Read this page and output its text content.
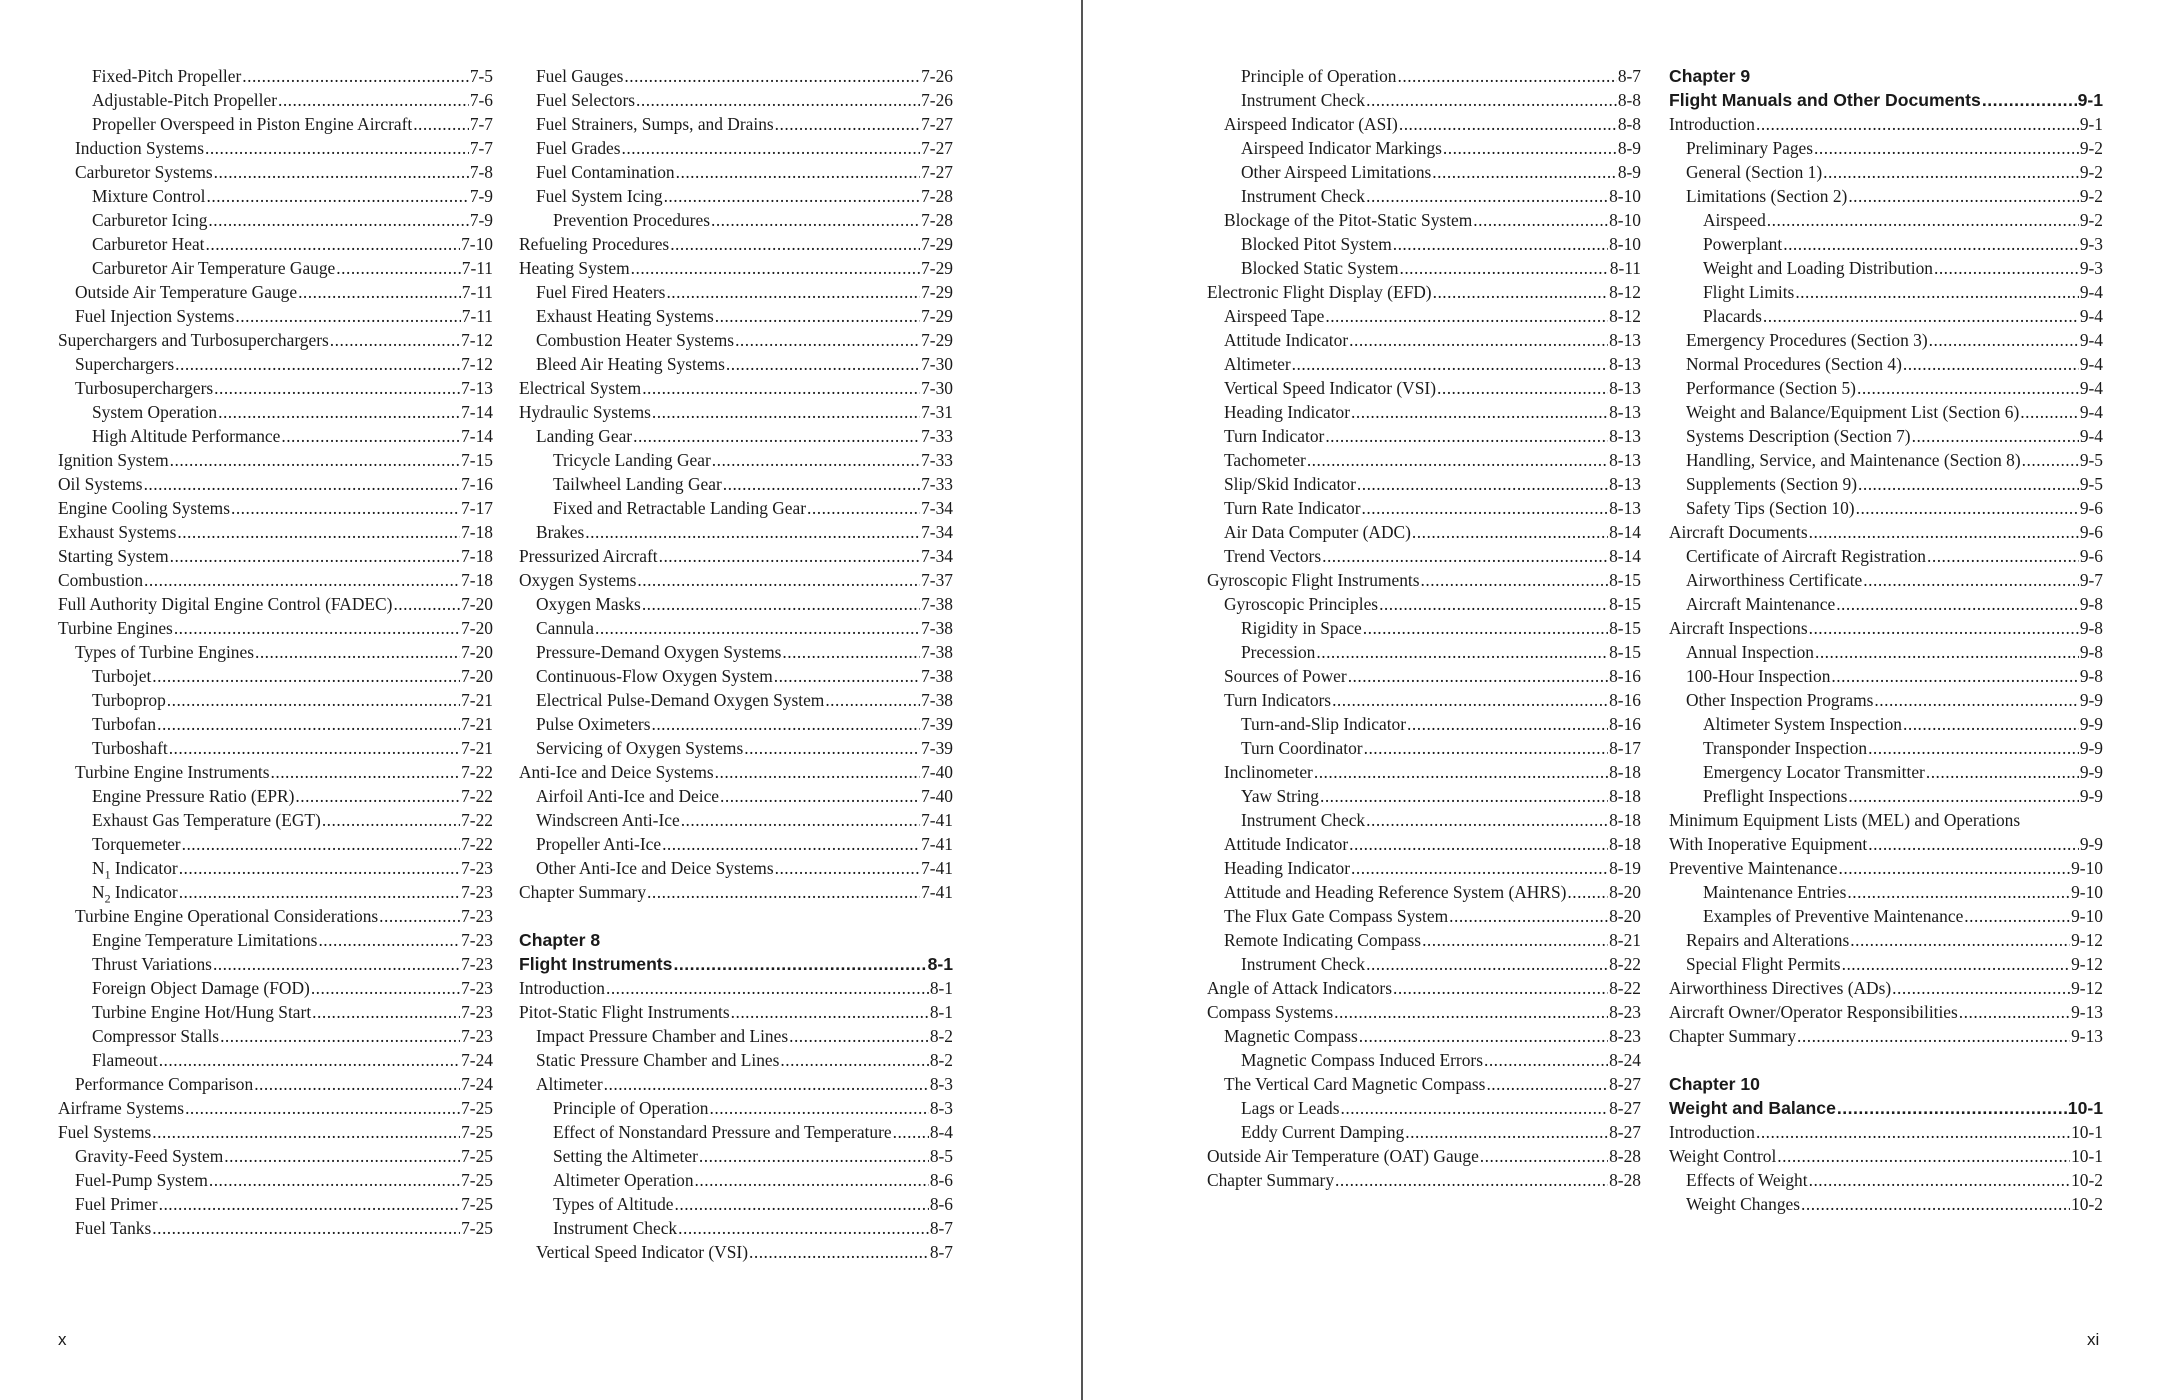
Fixed-Pitch Propeller .....	7-5
Adjustable-Pitch Propeller .....	7-6
Propeller Overspeed in Piston Engine Aircraft .....	7-7
Induction Systems .....	7-7
Carburetor Systems .....	7-8
Mixture Control .....	7-9
Carburetor Icing .....	7-9
Carburetor Heat .....	7-10
Carburetor Air Temperature Gauge .....	7-11
Outside Air Temperature Gauge .....	7-11
Fuel Injection Systems .....	7-11
Superchargers and Turbosuperchargers .....	7-12
Superchargers .....	7-12
Turbosuperchargers .....	7-13
System Operation .....	7-14
High Altitude Performance .....	7-14
Ignition System .....	7-15
Oil Systems .....	7-16
Engine Cooling Systems .....	7-17
Exhaust Systems .....	7-18
Starting System .....	7-18
Combustion .....	7-18
Full Authority Digital Engine Control (FADEC) .....	7-20
Turbine Engines .....	7-20
Types of Turbine Engines .....	7-20
Turbojet .....	7-20
Turboprop .....	7-21
Turbofan .....	7-21
Turboshaft .....	7-21
Turbine Engine Instruments .....	7-22
Engine Pressure Ratio (EPR) .....	7-22
Exhaust Gas Temperature (EGT) .....	7-22
Torquemeter .....	7-22
$N_1$ Indicator .....	7-23
$N_2$ Indicator .....	7-23
Turbine Engine Operational Considerations .....	7-23
Engine Temperature Limitations .....	7-23
Thrust Variations .....	7-23
Foreign Object Damage (FOD) .....	7-23
Turbine Engine Hot/Hung Start .....	7-23
Compressor Stalls .....	7-23
Flameout .....	7-24
Performance Comparison .....	7-24
Airframe Systems .....	7-25
Fuel Systems .....	7-25
Gravity-Feed System .....	7-25
Fuel-Pump System .....	7-25
Fuel Primer .....	7-25
Fuel Tanks .....	7-25
Fuel Gauges .....	7-26
Fuel Selectors .....	7-26
Fuel Strainers, Sumps, and Drains .....	7-27
Fuel Grades .....	7-27
Fuel Contamination .....	7-27
Fuel System Icing .....	7-28
Prevention Procedures .....	7-28
Refueling Procedures .....	7-29
Heating System .....	7-29
Fuel Fired Heaters .....	7-29
Exhaust Heating Systems .....	7-29
Combustion Heater Systems .....	7-29
Bleed Air Heating Systems .....	7-30
Electrical System .....	7-30
Hydraulic Systems .....	7-31
Landing Gear .....	7-33
Tricycle Landing Gear .....	7-33
Tailwheel Landing Gear .....	7-33
Fixed and Retractable Landing Gear .....	7-34
Brakes .....	7-34
Pressurized Aircraft .....	7-34
Oxygen Systems .....	7-37
Oxygen Masks .....	7-38
Cannula .....	7-38
Pressure-Demand Oxygen Systems .....	7-38
Continuous-Flow Oxygen System .....	7-38
Electrical Pulse-Demand Oxygen System .....	7-38
Pulse Oximeters .....	7-39
Servicing of Oxygen Systems .....	7-39
Anti-Ice and Deice Systems .....	7-40
Airfoil Anti-Ice and Deice .....	7-40
Windscreen Anti-Ice .....	7-41
Propeller Anti-Ice .....	7-41
Other Anti-Ice and Deice Systems .....	7-41
Chapter Summary .....	7-41
Chapter 8
Flight Instruments .....	8-1
Introduction .....	8-1
Pitot-Static Flight Instruments .....	8-1
Impact Pressure Chamber and Lines .....	8-2
Static Pressure Chamber and Lines .....	8-2
Altimeter .....	8-3
Principle of Operation .....	8-3
Effect of Nonstandard Pressure and Temperature ..... 8-4
Setting the Altimeter .....	8-5
Altimeter Operation .....	8-6
Types of Altitude .....	8-6
Instrument Check .....	8-7
Vertical Speed Indicator (VSI) .....	8-7
x
Principle of Operation .....	8-7
Instrument Check .....	8-8
Airspeed Indicator (ASI) .....	8-8
Airspeed Indicator Markings .....	8-9
Other Airspeed Limitations .....	8-9
Instrument Check .....	8-10
Blockage of the Pitot-Static System .....	8-10
Blocked Pitot System .....	8-10
Blocked Static System .....	8-11
Electronic Flight Display (EFD) .....	8-12
Airspeed Tape .....	8-12
Attitude Indicator .....	8-13
Altimeter .....	8-13
Vertical Speed Indicator (VSI) .....	8-13
Heading Indicator .....	8-13
Turn Indicator .....	8-13
Tachometer .....	8-13
Slip/Skid Indicator .....	8-13
Turn Rate Indicator .....	8-13
Air Data Computer (ADC) .....	8-14
Trend Vectors .....	8-14
Gyroscopic Flight Instruments .....	8-15
Gyroscopic Principles .....	8-15
Rigidity in Space .....	8-15
Precession .....	8-15
Sources of Power .....	8-16
Turn Indicators .....	8-16
Turn-and-Slip Indicator .....	8-16
Turn Coordinator .....	8-17
Inclinometer .....	8-18
Yaw String .....	8-18
Instrument Check .....	8-18
Attitude Indicator .....	8-18
Heading Indicator .....	8-19
Attitude and Heading Reference System (AHRS) ..... 8-20
The Flux Gate Compass System .....	8-20
Remote Indicating Compass .....	8-21
Instrument Check .....	8-22
Angle of Attack Indicators .....	8-22
Compass Systems .....	8-23
Magnetic Compass .....	8-23
Magnetic Compass Induced Errors .....	8-24
The Vertical Card Magnetic Compass .....	8-27
Lags or Leads .....	8-27
Eddy Current Damping .....	8-27
Outside Air Temperature (OAT) Gauge .....	8-28
Chapter Summary .....	8-28
Chapter 9
Flight Manuals and Other Documents .....	9-1
Introduction .....	9-1
Preliminary Pages .....	9-2
General (Section 1) .....	9-2
Limitations (Section 2) .....	9-2
Airspeed .....	9-2
Powerplant .....	9-3
Weight and Loading Distribution .....	9-3
Flight Limits .....	9-4
Placards .....	9-4
Emergency Procedures (Section 3) .....	9-4
Normal Procedures (Section 4) .....	9-4
Performance (Section 5) .....	9-4
Weight and Balance/Equipment List (Section 6) .....	9-4
Systems Description (Section 7) .....	9-4
Handling, Service, and Maintenance (Section 8) .....	9-5
Supplements (Section 9) .....	9-5
Safety Tips (Section 10) .....	9-6
Aircraft Documents .....	9-6
Certificate of Aircraft Registration .....	9-6
Airworthiness Certificate .....	9-7
Aircraft Maintenance .....	9-8
Aircraft Inspections .....	9-8
Annual Inspection .....	9-8
100-Hour Inspection .....	9-8
Other Inspection Programs .....	9-9
Altimeter System Inspection .....	9-9
Transponder Inspection .....	9-9
Emergency Locator Transmitter .....	9-9
Preflight Inspections .....	9-9
Minimum Equipment Lists (MEL) and Operations
With Inoperative Equipment .....	9-9
Preventive Maintenance .....	9-10
Maintenance Entries .....	9-10
Examples of Preventive Maintenance .....	9-10
Repairs and Alterations .....	9-12
Special Flight Permits .....	9-12
Airworthiness Directives (ADs) .....	9-12
Aircraft Owner/Operator Responsibilities .....	9-13
Chapter Summary .....	9-13
Chapter 10
Weight and Balance .....	10-1
Introduction .....	10-1
Weight Control .....	10-1
Effects of Weight .....	10-2
Weight Changes .....	10-2
xi
